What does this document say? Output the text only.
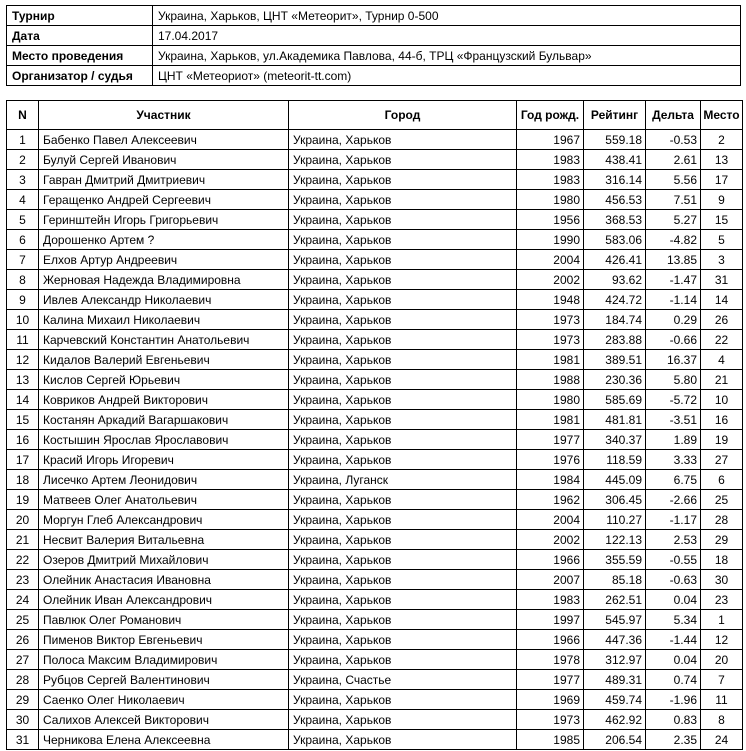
Турнир	Украина, Харьков, ЦНТ «Метеорит», Турнир 0-500
Дата	17.04.2017
Место проведения	Украина, Харьков, ул.Академика Павлова, 44-б, ТРЦ «Французский Бульвар»
Организатор / судья	ЦНТ «Метеориот» (meteorit-tt.com)
N	Участник	Город	Год рожд.	Рейтинг	Дельта	Место
1	Бабенко Павел Алексеевич	Украина, Харьков	1967	559.18	-0.53	2
2	Булуй Сергей Иванович	Украина, Харьков	1983	438.41	2.61	13
3	Гавран Дмитрий Дмитриевич	Украина, Харьков	1983	316.14	5.56	17
4	Геращенко Андрей Сергеевич	Украина, Харьков	1980	456.53	7.51	9
5	Геринштейн Игорь Григорьевич	Украина, Харьков	1956	368.53	5.27	15
6	Дорошенко Артем ?	Украина, Харьков	1990	583.06	-4.82	5
7	Елхов Артур Андреевич	Украина, Харьков	2004	426.41	13.85	3
8	Жерновая Надежда Владимировна	Украина, Харьков	2002	93.62	-1.47	31
9	Ивлев Александр Николаевич	Украина, Харьков	1948	424.72	-1.14	14
10	Калина Михаил Николаевич	Украина, Харьков	1973	184.74	0.29	26
11	Карчевский Константин Анатольевич	Украина, Харьков	1973	283.88	-0.66	22
12	Кидалов Валерий Евгеньевич	Украина, Харьков	1981	389.51	16.37	4
13	Кислов Сергей Юрьевич	Украина, Харьков	1988	230.36	5.80	21
14	Ковриков Андрей Викторович	Украина, Харьков	1980	585.69	-5.72	10
15	Костанян Аркадий Вагаршакович	Украина, Харьков	1981	481.81	-3.51	16
16	Костышин Ярослав Ярославович	Украина, Харьков	1977	340.37	1.89	19
17	Красий Игорь Игоревич	Украина, Харьков	1976	118.59	3.33	27
18	Лисечко Артем Леонидович	Украина, Луганск	1984	445.09	6.75	6
19	Матвеев Олег Анатольевич	Украина, Харьков	1962	306.45	-2.66	25
20	Моргун Глеб Александрович	Украина, Харьков	2004	110.27	-1.17	28
21	Несвит Валерия Витальевна	Украина, Харьков	2002	122.13	2.53	29
22	Озеров Дмитрий Михайлович	Украина, Харьков	1966	355.59	-0.55	18
23	Олейник Анастасия Ивановна	Украина, Харьков	2007	85.18	-0.63	30
24	Олейник Иван Александрович	Украина, Харьков	1983	262.51	0.04	23
25	Павлюк Олег Романович	Украина, Харьков	1997	545.97	5.34	1
26	Пименов Виктор Евгеньевич	Украина, Харьков	1966	447.36	-1.44	12
27	Полоса Максим Владимирович	Украина, Харьков	1978	312.97	0.04	20
28	Рубцов Сергей Валентинович	Украина, Счастье	1977	489.31	0.74	7
29	Саенко Олег Николаевич	Украина, Харьков	1969	459.74	-1.96	11
30	Салихов Алексей Викторович	Украина, Харьков	1973	462.92	0.83	8
31	Черникова Елена Алексеевна	Украина, Харьков	1985	206.54	2.35	24
